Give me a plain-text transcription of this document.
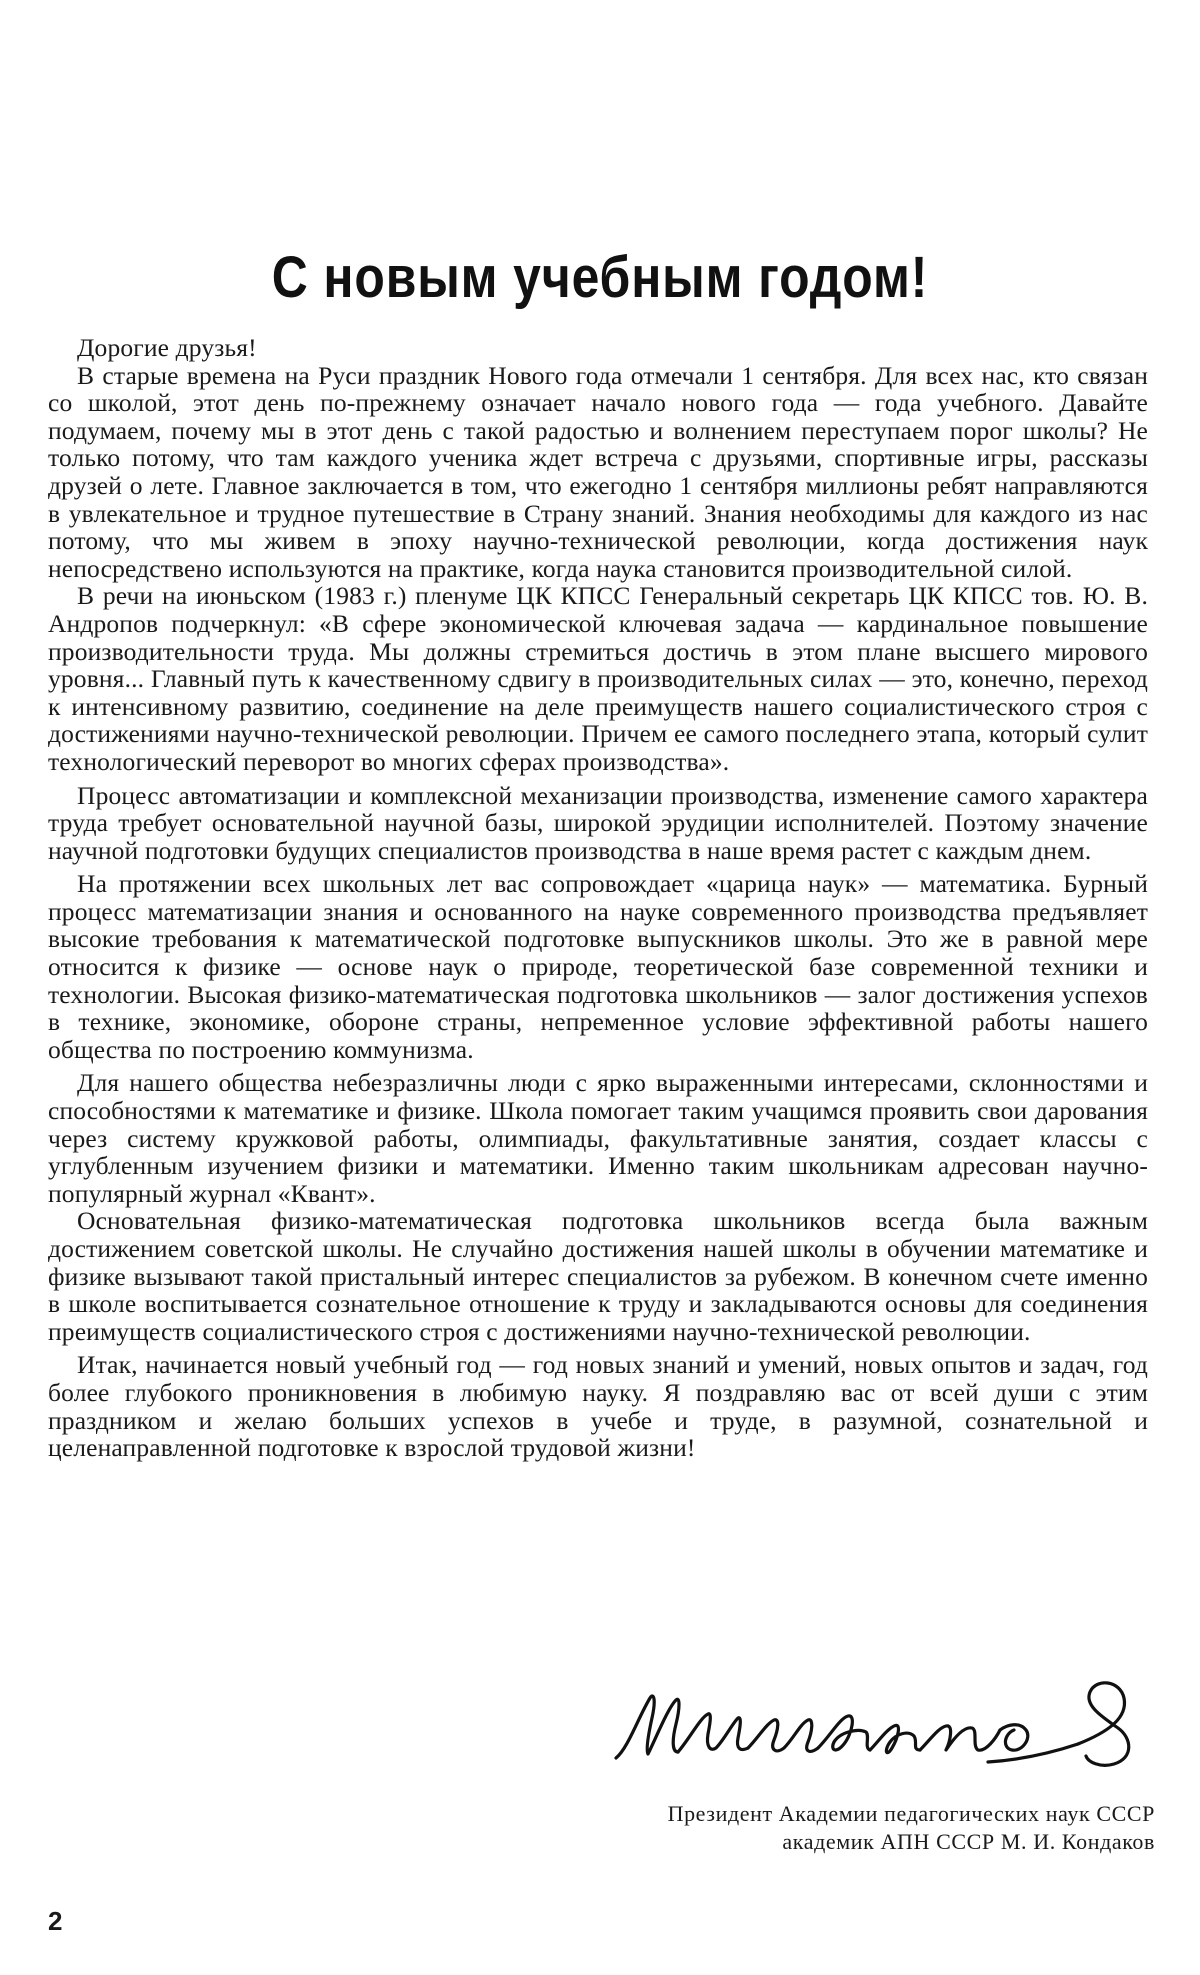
С новым учебным годом!

Дорогие друзья!

В старые времена на Руси праздник Нового года отмечали 1 сентября. Для всех нас, кто связан со школой, этот день по-прежнему означает начало нового года — года учебного. Давайте подумаем, почему мы в этот день с такой радостью и волнением переступаем порог школы? Не только потому, что там каждого ученика ждет встреча с друзьями, спортивные игры, рассказы друзей о лете. Главное заключается в том, что ежегодно 1 сентября миллионы ребят направляются в увлекательное и трудное путешествие в Страну знаний. Знания необходимы для каждого из нас потому, что мы живем в эпоху научно-технической революции, когда достижения наук непосредствено используются на практике, когда наука становится производительной силой.

В речи на июньском (1983 г.) пленуме ЦК КПСС Генеральный секретарь ЦК КПСС тов. Ю. В. Андропов подчеркнул: «В сфере экономической ключевая задача — кардинальное повышение производительности труда. Мы должны стремиться достичь в этом плане высшего мирового уровня... Главный путь к качественному сдвигу в производительных силах — это, конечно, переход к интенсивному развитию, соединение на деле преимуществ нашего социалистического строя с достижениями научно-технической революции. Причем ее самого последнего этапа, который сулит технологический переворот во многих сферах производства».

Процесс автоматизации и комплексной механизации производства, изменение самого характера труда требует основательной научной базы, широкой эрудиции исполнителей. Поэтому значение научной подготовки будущих специалистов производства в наше время растет с каждым днем.

На протяжении всех школьных лет вас сопровождает «царица наук» — математика. Бурный процесс математизации знания и основанного на науке современного производства предъявляет высокие требования к математической подготовке выпускников школы. Это же в равной мере относится к физике — основе наук о природе, теоретической базе современной техники и технологии. Высокая физико-математическая подготовка школьников — залог достижения успехов в технике, экономике, обороне страны, непременное условие эффективной работы нашего общества по построению коммунизма.

Для нашего общества небезразличны люди с ярко выраженными интересами, склонностями и способностями к математике и физике. Школа помогает таким учащимся проявить свои дарования через систему кружковой работы, олимпиады, факультативные занятия, создает классы с углубленным изучением физики и математики. Именно таким школьникам адресован научно-популярный журнал «Квант».

Основательная физико-математическая подготовка школьников всегда была важным достижением советской школы. Не случайно достижения нашей школы в обучении математике и физике вызывают такой пристальный интерес специалистов за рубежом. В конечном счете именно в школе воспитывается сознательное отношение к труду и закладываются основы для соединения преимуществ социалистического строя с достижениями научно-технической революции.

Итак, начинается новый учебный год — год новых знаний и умений, новых опытов и задач, год более глубокого проникновения в любимую науку. Я поздравляю вас от всей души с этим праздником и желаю больших успехов в учебе и труде, в разумной, сознательной и целенаправленной подготовке к взрослой трудовой жизни!

Президент Академии педагогических наук СССР
академик АПН СССР М. И. Кондаков
2
